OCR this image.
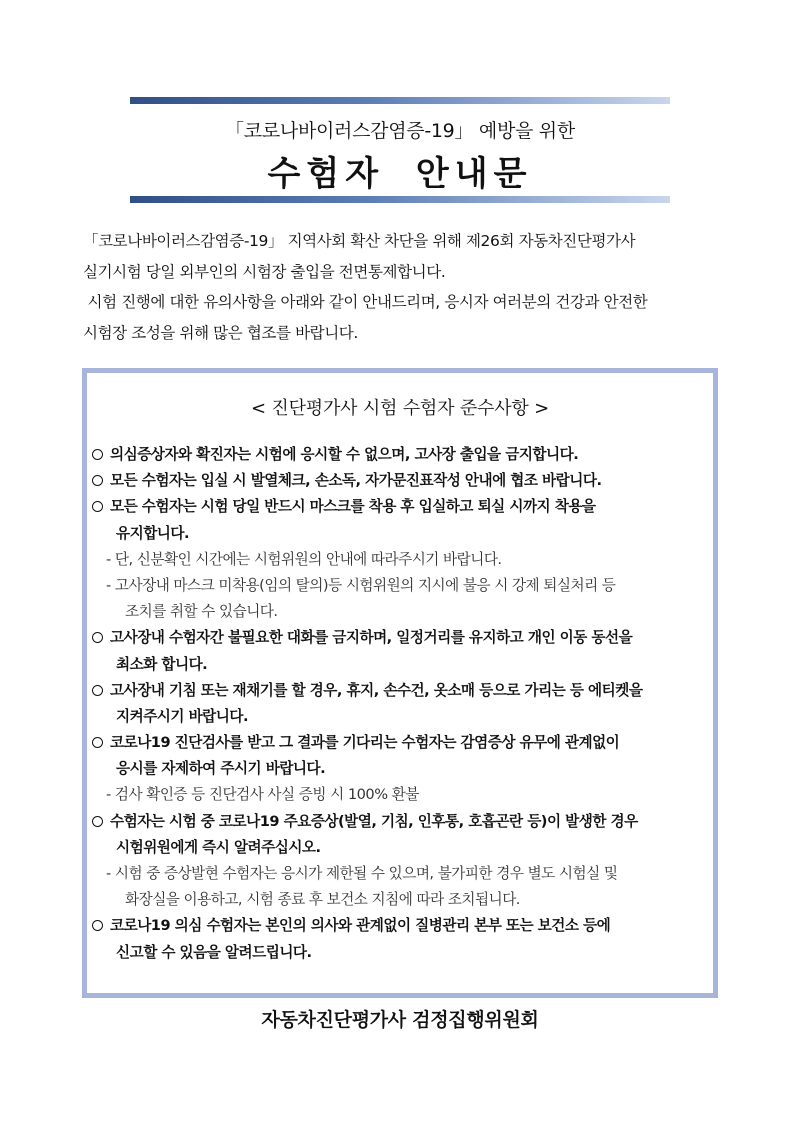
「코로나바이러스감염증-19」 예방을 위한
수험자 안내문

「코로나바이러스감염증-19」 지역사회 확산 차단을 위해 제26회 자동차진단평가사

실기시험 당일 외부인의 시험장 출입을 전면통제합니다.

시험 진행에 대한 유의사항을 아래와 같이 안내드리며, 응시자 여러분의 건강과 안전한

시험장 조성을 위해 많은 협조를 바랍니다.

< 진단평가사 시험 수험자 준수사항 >
의심증상자와 확진자는 시험에 응시할 수 없으며, 고사장 출입을 금지합니다.
모든 수험자는 입실 시 발열체크, 손소독, 자가문진표작성 안내에 협조 바랍니다.
모든 수험자는 시험 당일 반드시 마스크를 착용 후 입실하고 퇴실 시까지 착용을
유지합니다.
- 단, 신분확인 시간에는 시험위원의 안내에 따라주시기 바랍니다.
- 고사장내 마스크 미착용(임의 탈의)등 시험위원의 지시에 불응 시 강제 퇴실처리 등
조치를 취할 수 있습니다.
고사장내 수험자간 불필요한 대화를 금지하며, 일정거리를 유지하고 개인 이동 동선을
최소화 합니다.
고사장내 기침 또는 재채기를 할 경우, 휴지, 손수건, 옷소매 등으로 가리는 등 에티켓을
지켜주시기 바랍니다.
코로나19 진단검사를 받고 그 결과를 기다리는 수험자는 감염증상 유무에 관계없이
응시를 자제하여 주시기 바랍니다.
- 검사 확인증 등 진단검사 사실 증빙 시 100% 환불
수험자는 시험 중 코로나19 주요증상(발열, 기침, 인후통, 호흡곤란 등)이 발생한 경우
시험위원에게 즉시 알려주십시오.
- 시험 중 증상발현 수험자는 응시가 제한될 수 있으며, 불가피한 경우 별도 시험실 및
화장실을 이용하고, 시험 종료 후 보건소 지침에 따라 조치됩니다.
코로나19 의심 수험자는 본인의 의사와 관계없이 질병관리 본부 또는 보건소 등에
신고할 수 있음을 알려드립니다.
자동차진단평가사 검정집행위원회
